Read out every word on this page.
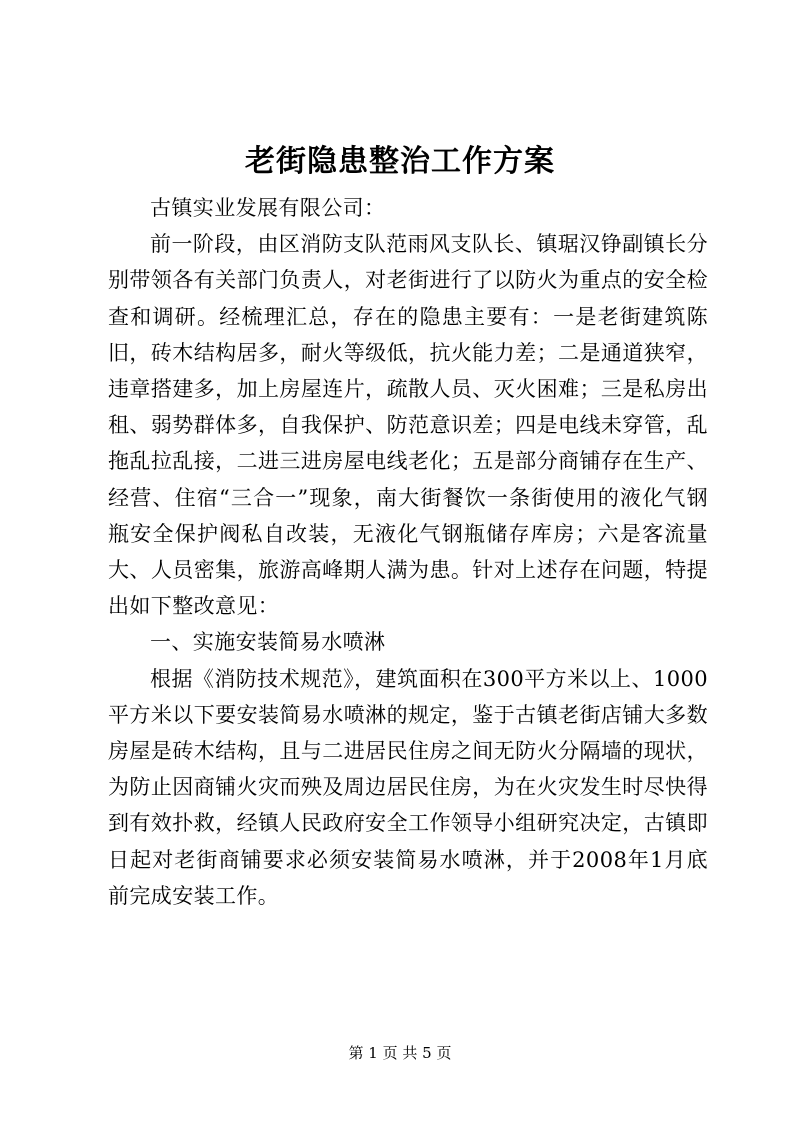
老街隐患整治工作方案

古镇实业发展有限公司：

前一阶段，由区消防支队范雨风支队长、镇琚汉铮副镇长分别带领各有关部门负责人，对老街进行了以防火为重点的安全检查和调研。经梳理汇总，存在的隐患主要有：一是老街建筑陈旧，砖木结构居多，耐火等级低，抗火能力差；二是通道狭窄，违章搭建多，加上房屋连片，疏散人员、灭火困难；三是私房出租、弱势群体多，自我保护、防范意识差；四是电线未穿管，乱拖乱拉乱接，二进三进房屋电线老化；五是部分商铺存在生产、经营、住宿“三合一”现象，南大街餐饮一条街使用的液化气钢瓶安全保护阀私自改装，无液化气钢瓶储存库房；六是客流量大、人员密集，旅游高峰期人满为患。针对上述存在问题，特提出如下整改意见：

一、实施安装简易水喷淋

根据《消防技术规范》，建筑面积在300平方米以上、1000平方米以下要安装简易水喷淋的规定，鉴于古镇老街店铺大多数房屋是砖木结构，且与二进居民住房之间无防火分隔墙的现状，为防止因商铺火灾而殃及周边居民住房，为在火灾发生时尽快得到有效扑救，经镇人民政府安全工作领导小组研究决定，古镇即日起对老街商铺要求必须安装简易水喷淋，并于2008年1月底前完成安装工作。

第 1 页 共 5 页
